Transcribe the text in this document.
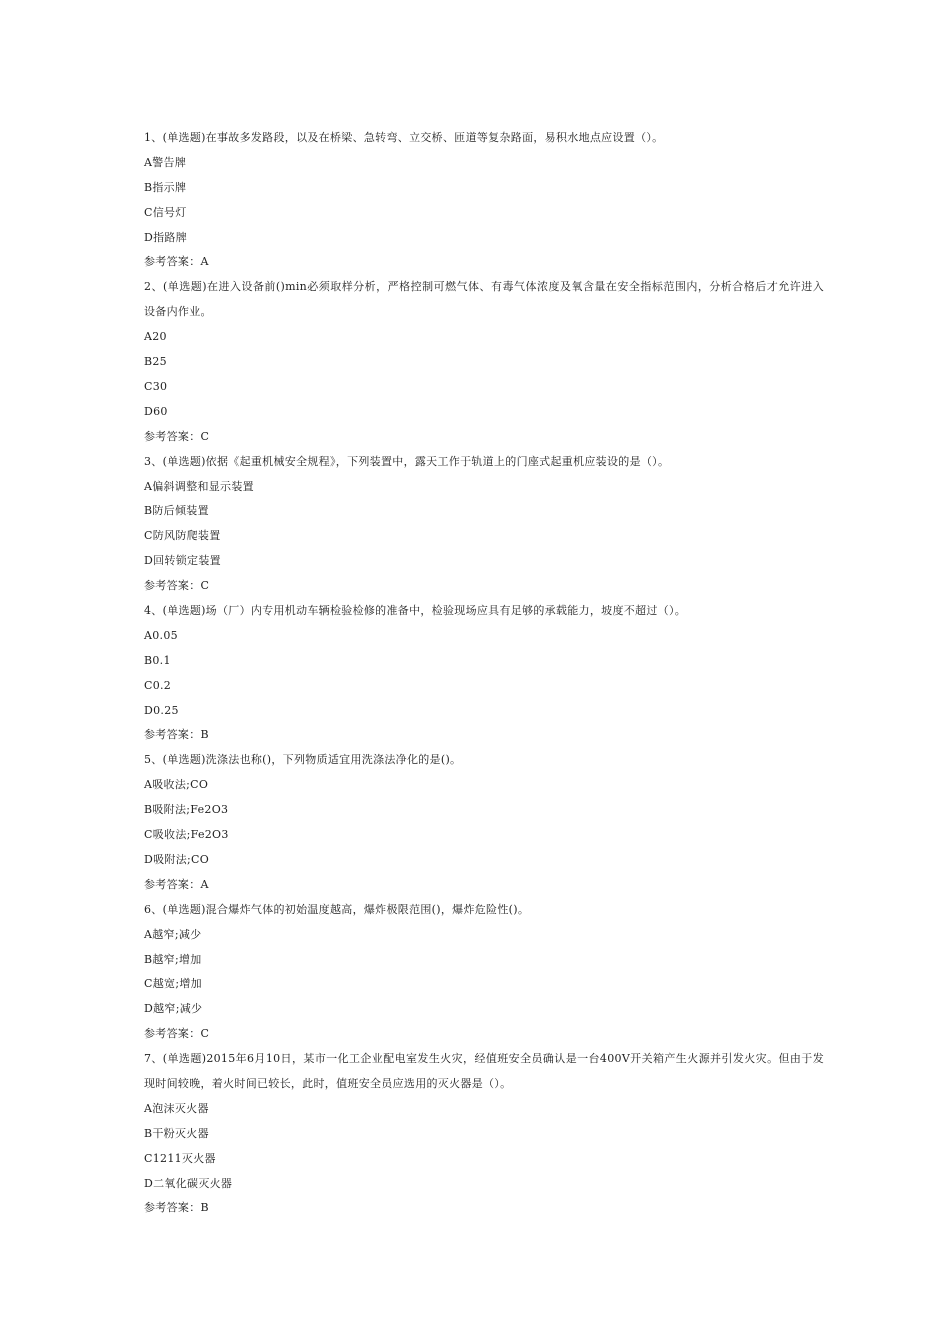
1、(单选题)在事故多发路段，以及在桥梁、急转弯、立交桥、匝道等复杂路面，易积水地点应设置（）。
A警告牌
B指示牌
C信号灯
D指路牌
参考答案：A
2、(单选题)在进入设备前()min必须取样分析，严格控制可燃气体、有毒气体浓度及氧含量在安全指标范围内，分析合格后才允许进入设备内作业。
A20
B25
C30
D60
参考答案：C
3、(单选题)依据《起重机械安全规程》，下列装置中，露天工作于轨道上的门座式起重机应装设的是（）。
A偏斜调整和显示装置
B防后倾装置
C防风防爬装置
D回转锁定装置
参考答案：C
4、(单选题)场（厂）内专用机动车辆检验检修的准备中，检验现场应具有足够的承载能力，坡度不超过（）。
A0.05
B0.1
C0.2
D0.25
参考答案：B
5、(单选题)洗涤法也称()，下列物质适宜用洗涤法净化的是()。
A吸收法;CO
B吸附法;Fe2O3
C吸收法;Fe2O3
D吸附法;CO
参考答案：A
6、(单选题)混合爆炸气体的初始温度越高，爆炸极限范围()，爆炸危险性()。
A越窄;减少
B越窄;增加
C越宽;增加
D越窄;减少
参考答案：C
7、(单选题)2015年6月10日，某市一化工企业配电室发生火灾，经值班安全员确认是一台400V开关箱产生火源并引发火灾。但由于发现时间较晚，着火时间已较长，此时，值班安全员应选用的灭火器是（）。
A泡沫灭火器
B干粉灭火器
C1211灭火器
D二氧化碳灭火器
参考答案：B
